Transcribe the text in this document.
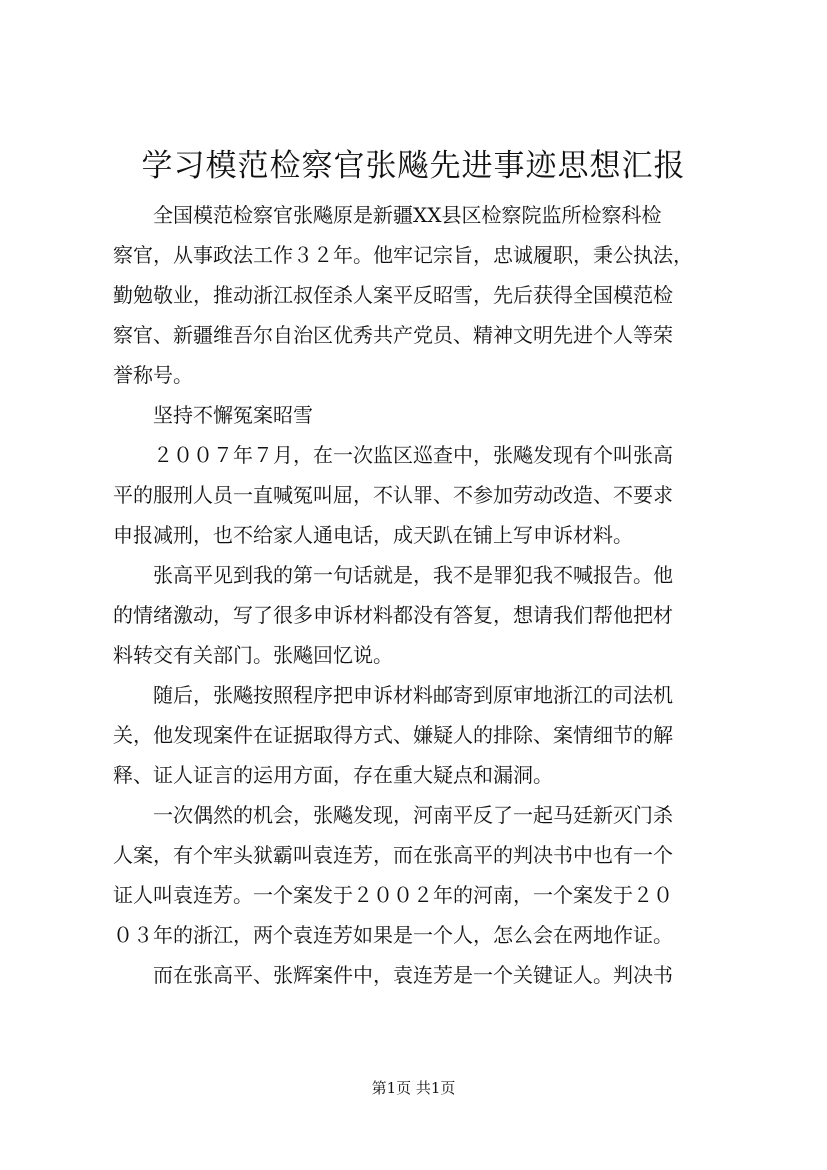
学习模范检察官张飚先进事迹思想汇报
全国模范检察官张飚原是新疆XX县区检察院监所检察科检
察官，从事政法工作３２年。他牢记宗旨，忠诚履职，秉公执法，
勤勉敬业，推动浙江叔侄杀人案平反昭雪，先后获得全国模范检
察官、新疆维吾尔自治区优秀共产党员、精神文明先进个人等荣
誉称号。
坚持不懈冤案昭雪
２００７年７月，在一次监区巡查中，张飚发现有个叫张高
平的服刑人员一直喊冤叫屈，不认罪、不参加劳动改造、不要求
申报减刑，也不给家人通电话，成天趴在铺上写申诉材料。
张高平见到我的第一句话就是，我不是罪犯我不喊报告。他
的情绪激动，写了很多申诉材料都没有答复，想请我们帮他把材
料转交有关部门。张飚回忆说。
随后，张飚按照程序把申诉材料邮寄到原审地浙江的司法机
关，他发现案件在证据取得方式、嫌疑人的排除、案情细节的解
释、证人证言的运用方面，存在重大疑点和漏洞。
一次偶然的机会，张飚发现，河南平反了一起马廷新灭门杀
人案，有个牢头狱霸叫袁连芳，而在张高平的判决书中也有一个
证人叫袁连芳。一个案发于２００２年的河南，一个案发于２０
０３年的浙江，两个袁连芳如果是一个人，怎么会在两地作证。
而在张高平、张辉案件中，袁连芳是一个关键证人。判决书
第1页 共1页
